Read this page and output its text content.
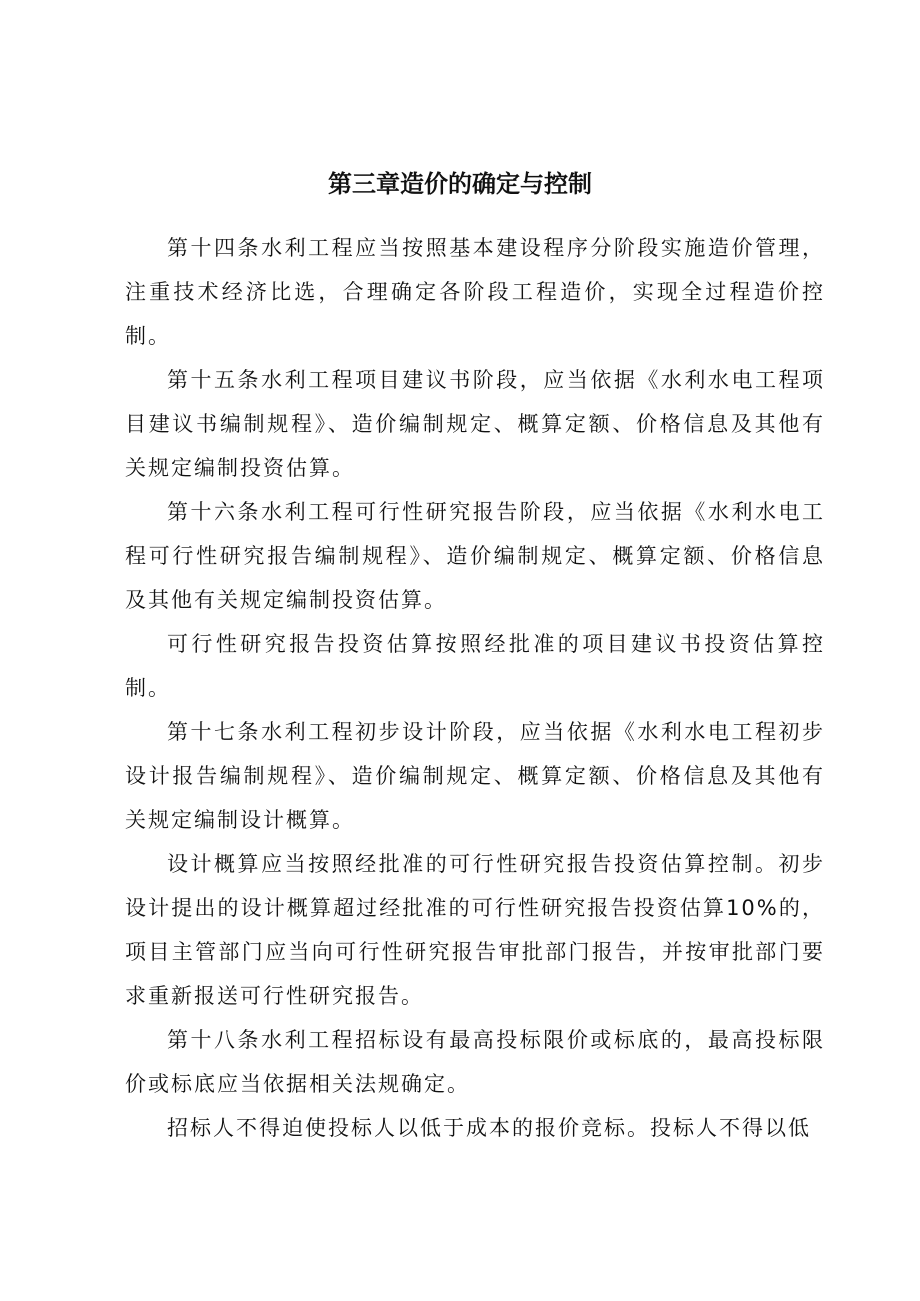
第三章造价的确定与控制

第十四条水利工程应当按照基本建设程序分阶段实施造价管理，注重技术经济比选，合理确定各阶段工程造价，实现全过程造价控制。

第十五条水利工程项目建议书阶段，应当依据《水利水电工程项目建议书编制规程》、造价编制规定、概算定额、价格信息及其他有关规定编制投资估算。

第十六条水利工程可行性研究报告阶段，应当依据《水利水电工程可行性研究报告编制规程》、造价编制规定、概算定额、价格信息及其他有关规定编制投资估算。

可行性研究报告投资估算按照经批准的项目建议书投资估算控制。

第十七条水利工程初步设计阶段，应当依据《水利水电工程初步设计报告编制规程》、造价编制规定、概算定额、价格信息及其他有关规定编制设计概算。

设计概算应当按照经批准的可行性研究报告投资估算控制。初步设计提出的设计概算超过经批准的可行性研究报告投资估算10%的，项目主管部门应当向可行性研究报告审批部门报告，并按审批部门要求重新报送可行性研究报告。

第十八条水利工程招标设有最高投标限价或标底的，最高投标限价或标底应当依据相关法规确定。

招标人不得迫使投标人以低于成本的报价竞标。投标人不得以低
